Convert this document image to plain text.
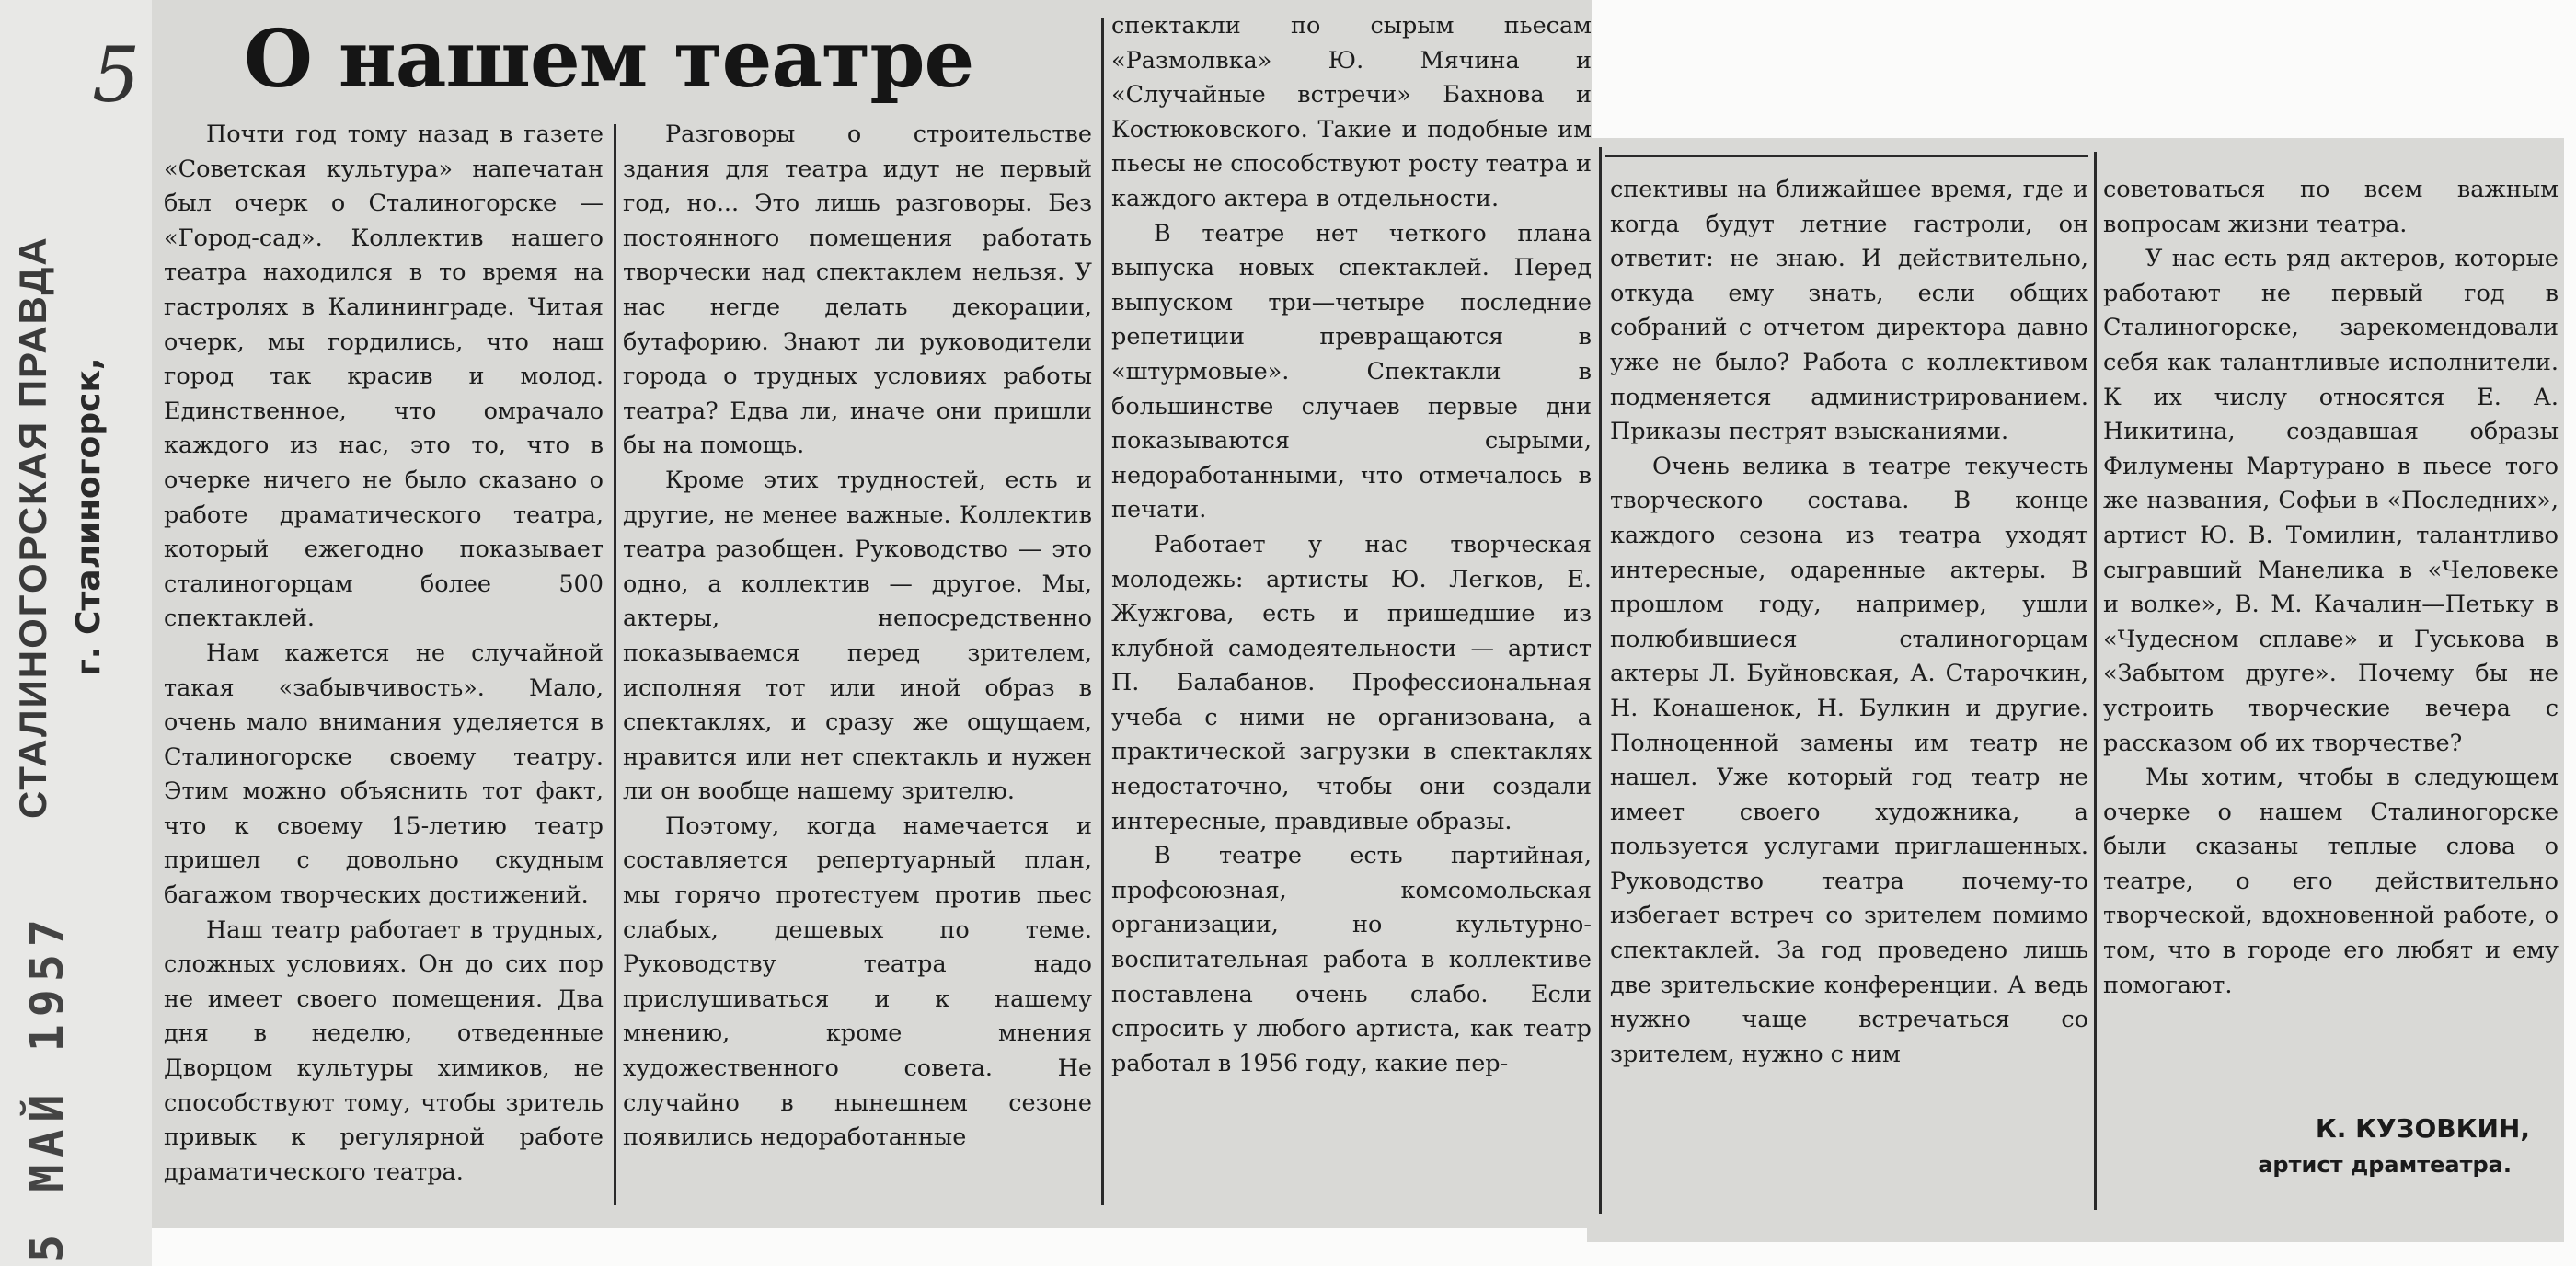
5
СТАЛИНОГОРСКАЯ ПРАВДА г. Сталиногорск,
5 МАЙ 1957
О нашем театре

Почти год тому назад в газете «Советская культура» напечатан был очерк о Сталиногорске — «Город-сад». Коллектив нашего театра находился в то время на гастролях в Калининграде. Читая очерк, мы гордились, что наш город так красив и молод. Единственное, что омрачало каждого из нас, это то, что в очерке ничего не было сказано о работе драматического театра, который ежегодно показывает сталиногорцам более 500 спектаклей.

Нам кажется не случайной такая «забывчивость». Мало, очень мало внимания уделяется в Сталиногорске своему театру. Этим можно объяснить тот факт, что к своему 15-летию театр пришел с довольно скудным багажом творческих достижений.

Наш театр работает в трудных, сложных условиях. Он до сих пор не имеет своего помещения. Два дня в неделю, отведенные Дворцом культуры химиков, не способствуют тому, чтобы зритель привык к регулярной работе драматического театра.

Разговоры о строительстве здания для театра идут не первый год, но... Это лишь разговоры. Без постоянного помещения работать творчески над спектаклем нельзя. У нас негде делать декорации, бутафорию. Знают ли руководители города о трудных условиях работы театра? Едва ли, иначе они пришли бы на помощь.

Кроме этих трудностей, есть и другие, не менее важные. Коллектив театра разобщен. Руководство — это одно, а коллектив — другое. Мы, актеры, непосредственно показываемся перед зрителем, исполняя тот или иной образ в спектаклях, и сразу же ощущаем, нравится или нет спектакль и нужен ли он вообще нашему зрителю.

Поэтому, когда намечается и составляется репертуарный план, мы горячо протестуем против пьес слабых, дешевых по теме. Руководству театра надо прислушиваться и к нашему мнению, кроме мнения художественного совета. Не случайно в нынешнем сезоне появились недоработанные

спектакли по сырым пьесам «Размолвка» Ю. Мячина и «Случайные встречи» Бахнова и Костюковского. Такие и подобные им пьесы не способствуют росту театра и каждого актера в отдельности.

В театре нет четкого плана выпуска новых спектаклей. Перед выпуском три—четыре последние репетиции превращаются в «штурмовые». Спектакли в большинстве случаев первые дни показываются сырыми, недоработанными, что отмечалось в печати.

Работает у нас творческая молодежь: артисты Ю. Легков, Е. Жужгова, есть и пришедшие из клубной самодеятельности — артист П. Балабанов. Профессиональная учеба с ними не организована, а практической загрузки в спектаклях недостаточно, чтобы они создали интересные, правдивые образы.

В театре есть партийная, профсоюзная, комсомольская организации, но культурно-воспитательная работа в коллективе поставлена очень слабо. Если спросить у любого артиста, как театр работал в 1956 году, какие пер-

спективы на ближайшее время, где и когда будут летние гастроли, он ответит: не знаю. И действительно, откуда ему знать, если общих собраний с отчетом директора давно уже не было? Работа с коллективом подменяется администрированием. Приказы пестрят взысканиями.

Очень велика в театре текучесть творческого состава. В конце каждого сезона из театра уходят интересные, одаренные актеры. В прошлом году, например, ушли полюбившиеся сталиногорцам актеры Л. Буйновская, А. Старочкин, Н. Конашенок, Н. Булкин и другие. Полноценной замены им театр не нашел. Уже который год театр не имеет своего художника, а пользуется услугами приглашенных. Руководство театра почему-то избегает встреч со зрителем помимо спектаклей. За год проведено лишь две зрительские конференции. А ведь нужно чаще встречаться со зрителем, нужно с ним

советоваться по всем важным вопросам жизни театра.

У нас есть ряд актеров, которые работают не первый год в Сталиногорске, зарекомендовали себя как талантливые исполнители. К их числу относятся Е. А. Никитина, создавшая образы Филумены Мартурано в пьесе того же названия, Софьи в «Последних», артист Ю. В. Томилин, талантливо сыгравший Манелика в «Человеке и волке», В. М. Качалин—Петьку в «Чудесном сплаве» и Гуськова в «Забытом друге». Почему бы не устроить творческие вечера с рассказом об их творчестве?

Мы хотим, чтобы в следующем очерке о нашем Сталиногорске были сказаны теплые слова о театре, о его действительно творческой, вдохновенной работе, о том, что в городе его любят и ему помогают.

К. КУЗОВКИН,
артист драмтеатра.
